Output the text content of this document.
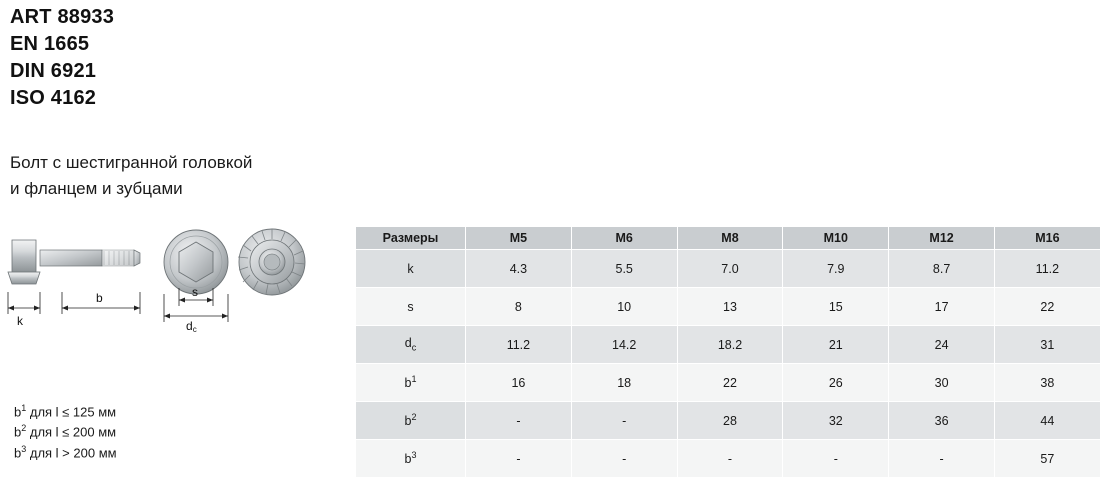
ART 88933
EN 1665
DIN 6921
ISO 4162
Болт с шестигранной головкой
и фланцем и зубцами
k
b	s
dc
$b^1$ для l ≤ 125 мм
$b^2$ для l ≤ 200 мм
$b^3$ для l > 200 мм
Размеры	M5	M6	M8	M10	M12	M16
k	4.3	5.5	7.0	7.9	8.7	11.2
s	8	10	13	15	17	22
$d_c$	11.2	14.2	18.2	21	24	31
$b^1$	16	18	22	26	30	38
$b^2$	-	-	28	32	36	44
$b^3$	-	-	-	-	-	57
